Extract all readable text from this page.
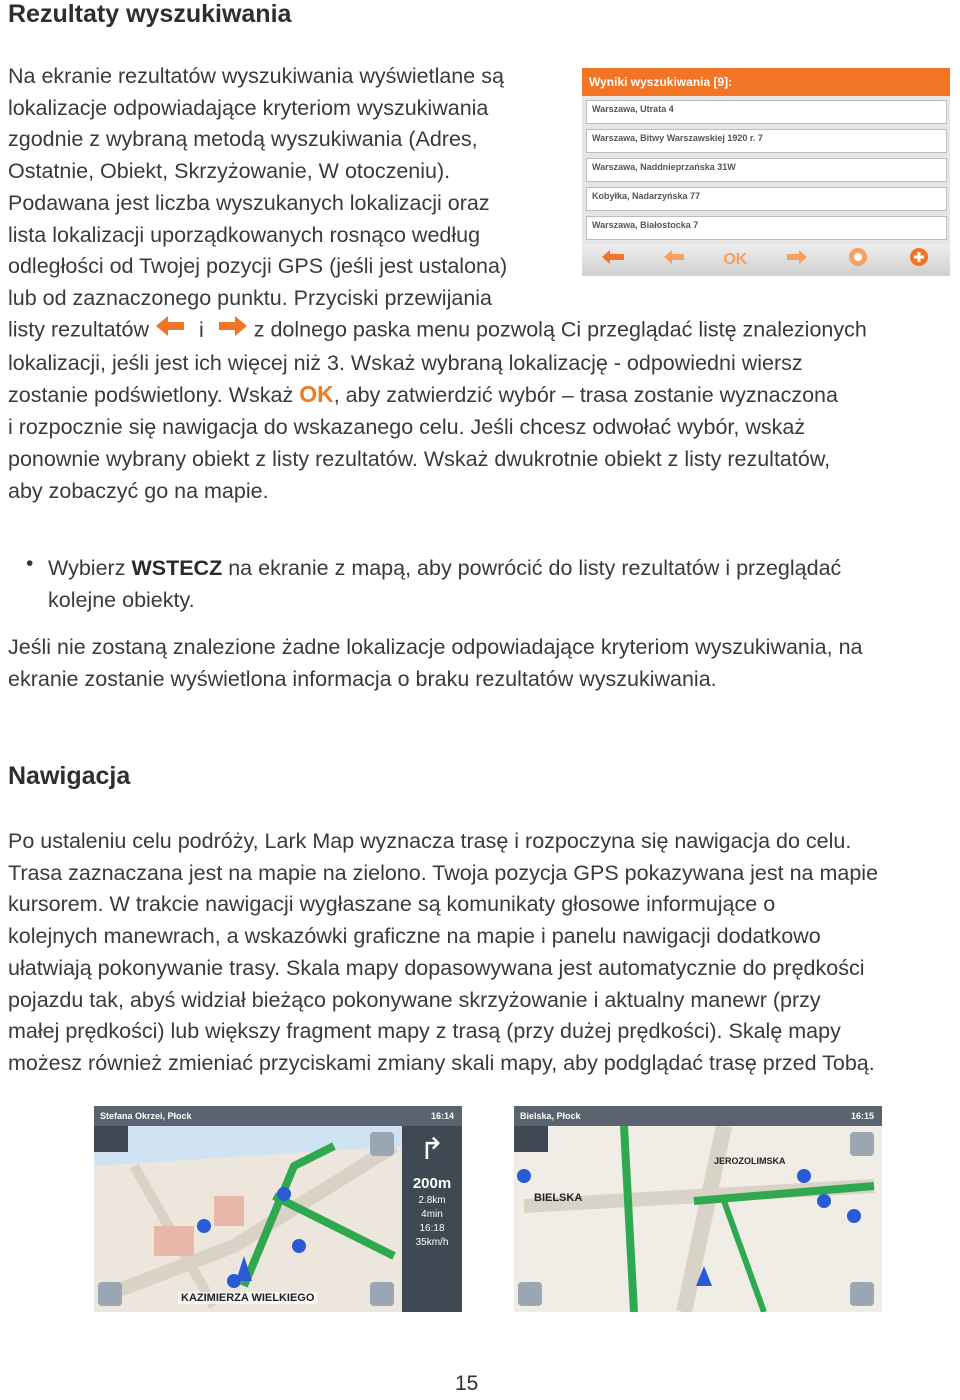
Rezultaty wyszukiwania
Na ekranie rezultatów wyszukiwania wyświetlane są
lokalizacje odpowiadające kryteriom wyszukiwania
zgodnie z wybraną metodą wyszukiwania (Adres,
Ostatnie, Obiekt, Skrzyżowanie, W otoczeniu).
Podawana jest liczba wyszukanych lokalizacji oraz
lista lokalizacji uporządkowanych rosnąco według
odległości od Twojej pozycji GPS (jeśli jest ustalona)
lub od zaznaczonego punktu. Przyciski przewijania
listy rezultatów i z dolnego paska menu pozwolą Ci przeglądać listę znalezionych
lokalizacji, jeśli jest ich więcej niż 3. Wskaż wybraną lokalizację - odpowiedni wiersz
zostanie podświetlony. Wskaż OK, aby zatwierdzić wybór – trasa zostanie wyznaczona
i rozpocznie się nawigacja do wskazanego celu. Jeśli chcesz odwołać wybór, wskaż
ponownie wybrany obiekt z listy rezultatów. Wskaż dwukrotnie obiekt z listy rezultatów,
aby zobaczyć go na mapie.
Wyniki wyszukiwania [9]:
Warszawa, Utrata 4
Warszawa, Bitwy Warszawskiej 1920 r. 7
Warszawa, Naddnieprzańska 31W
Kobyłka, Nadarzyńska 77
Warszawa, Białostocka 7
OK
• Wybierz WSTECZ na ekranie z mapą, aby powrócić do listy rezultatów i przeglądać
kolejne obiekty.
Jeśli nie zostaną znalezione żadne lokalizacje odpowiadające kryteriom wyszukiwania, na
ekranie zostanie wyświetlona informacja o braku rezultatów wyszukiwania.
Nawigacja
Po ustaleniu celu podróży, Lark Map wyznacza trasę i rozpoczyna się nawigacja do celu.
Trasa zaznaczana jest na mapie na zielono. Twoja pozycja GPS pokazywana jest na mapie
kursorem. W trakcie nawigacji wygłaszane są komunikaty głosowe informujące o
kolejnych manewrach, a wskazówki graficzne na mapie i panelu nawigacji dodatkowo
ułatwiają pokonywanie trasy. Skala mapy dopasowywana jest automatycznie do prędkości
pojazdu tak, abyś widział bieżąco pokonywane skrzyżowanie i aktualny manewr (przy
małej prędkości) lub większy fragment mapy z trasą (przy dużej prędkości). Skalę mapy
możesz również zmieniać przyciskami zmiany skali mapy, aby podglądać trasę przed Tobą.
Stefana Okrzei, Płock	16:14
↱
200m
2.8km
4min
16:18
35km/h
KAZIMIERZA WIELKIEGO
Bielska, Płock	16:15
BIELSKA
JEROZOLIMSKA
15
